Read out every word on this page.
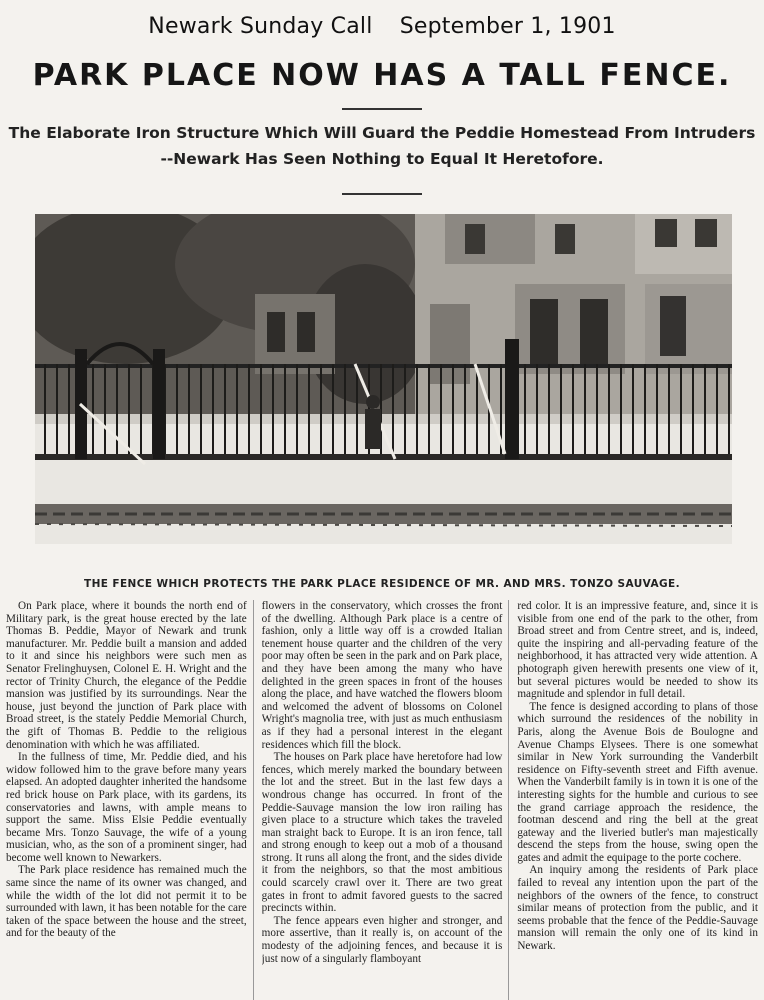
Newark Sunday Call September 1, 1901
PARK PLACE NOW HAS A TALL FENCE.
The Elaborate Iron Structure Which Will Guard the Peddie Homestead From Intruders
--Newark Has Seen Nothing to Equal It Heretofore.
THE FENCE WHICH PROTECTS THE PARK PLACE RESIDENCE OF MR. AND MRS. TONZO SAUVAGE.

On Park place, where it bounds the north end of Military park, is the great house erected by the late Thomas B. Peddie, Mayor of Newark and trunk manufacturer. Mr. Peddie built a mansion and added to it and since his neighbors were such men as Senator Frelinghuysen, Colonel E. H. Wright and the rector of Trinity Church, the elegance of the Peddie mansion was justified by its surroundings. Near the house, just beyond the junction of Park place with Broad street, is the stately Peddie Memorial Church, the gift of Thomas B. Peddie to the religious denomination with which he was affiliated.

In the fullness of time, Mr. Peddie died, and his widow followed him to the grave before many years elapsed. An adopted daughter inherited the handsome red brick house on Park place, with its gardens, its conservatories and lawns, with ample means to support the same. Miss Elsie Peddie eventually became Mrs. Tonzo Sauvage, the wife of a young musician, who, as the son of a prominent singer, had become well known to Newarkers.

The Park place residence has remained much the same since the name of its owner was changed, and while the width of the lot did not permit it to be surrounded with lawn, it has been notable for the care taken of the space between the house and the street, and for the beauty of the

flowers in the conservatory, which crosses the front of the dwelling. Although Park place is a centre of fashion, only a little way off is a crowded Italian tenement house quarter and the children of the very poor may often be seen in the park and on Park place, and they have been among the many who have delighted in the green spaces in front of the houses along the place, and have watched the flowers bloom and welcomed the advent of blossoms on Colonel Wright's magnolia tree, with just as much enthusiasm as if they had a personal interest in the elegant residences which fill the block.

The houses on Park place have heretofore had low fences, which merely marked the boundary between the lot and the street. But in the last few days a wondrous change has occurred. In front of the Peddie-Sauvage mansion the low iron railing has given place to a structure which takes the traveled man straight back to Europe. It is an iron fence, tall and strong enough to keep out a mob of a thousand strong. It runs all along the front, and the sides divide it from the neighbors, so that the most ambitious could scarcely crawl over it. There are two great gates in front to admit favored guests to the sacred precincts within.

The fence appears even higher and stronger, and more assertive, than it really is, on account of the modesty of the adjoining fences, and because it is just now of a singularly flamboyant

red color. It is an impressive feature, and, since it is visible from one end of the park to the other, from Broad street and from Centre street, and is, indeed, quite the inspiring and all-pervading feature of the neighborhood, it has attracted very wide attention. A photograph given herewith presents one view of it, but several pictures would be needed to show its magnitude and splendor in full detail.

The fence is designed according to plans of those which surround the residences of the nobility in Paris, along the Avenue Bois de Boulogne and Avenue Champs Elysees. There is one somewhat similar in New York surrounding the Vanderbilt residence on Fifty-seventh street and Fifth avenue. When the Vanderbilt family is in town it is one of the interesting sights for the humble and curious to see the grand carriage approach the residence, the footman descend and ring the bell at the great gateway and the liveried butler's man majestically descend the steps from the house, swing open the gates and admit the equipage to the porte cochere.

An inquiry among the residents of Park place failed to reveal any intention upon the part of the neighbors of the owners of the fence, to construct similar means of protection from the public, and it seems probable that the fence of the Peddie-Sauvage mansion will remain the only one of its kind in Newark.
